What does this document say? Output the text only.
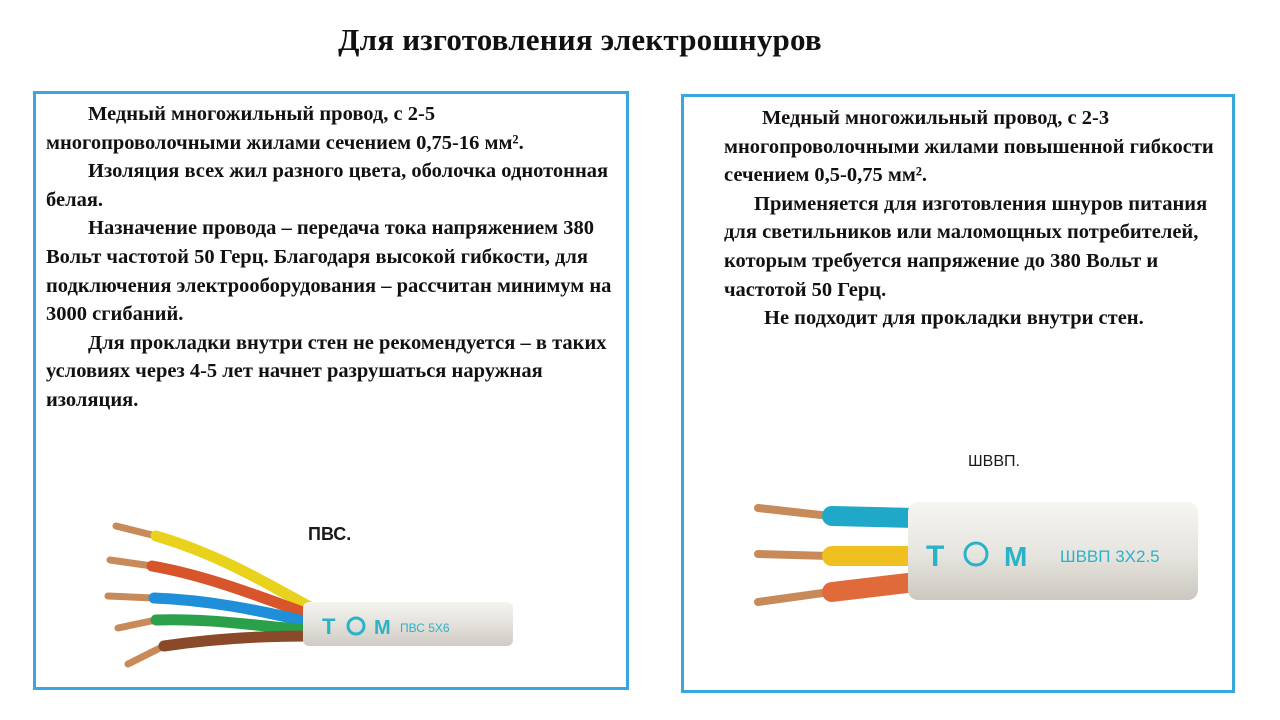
Для изготовления электрошнуров

Медный многожильный провод, с 2-5 многопроволочными жилами сечением 0,75-16 мм².

Изоляция всех жил разного цвета, оболочка однотонная белая.

Назначение провода – передача тока напряжением 380 Вольт частотой 50 Герц. Благодаря высокой гибкости, для подключения электрооборудования – рассчитан минимум на 3000 сгибаний.

Для прокладки внутри стен не рекомендуется – в таких условиях через 4-5 лет начнет разрушаться наружная изоляция.

Т М ПВС 5Х6
ПВС.

Медный многожильный провод, с 2-3 многопроволочными жилами повышенной гибкости сечением 0,5-0,75 мм².

Применяется для изготовления шнуров питания для светильников или маломощных потребителей, которым требуется напряжение до 380 Вольт и частотой 50 Герц.

Не подходит для прокладки внутри стен.

ШВВП.
Т М ШВВП 3Х2.5
